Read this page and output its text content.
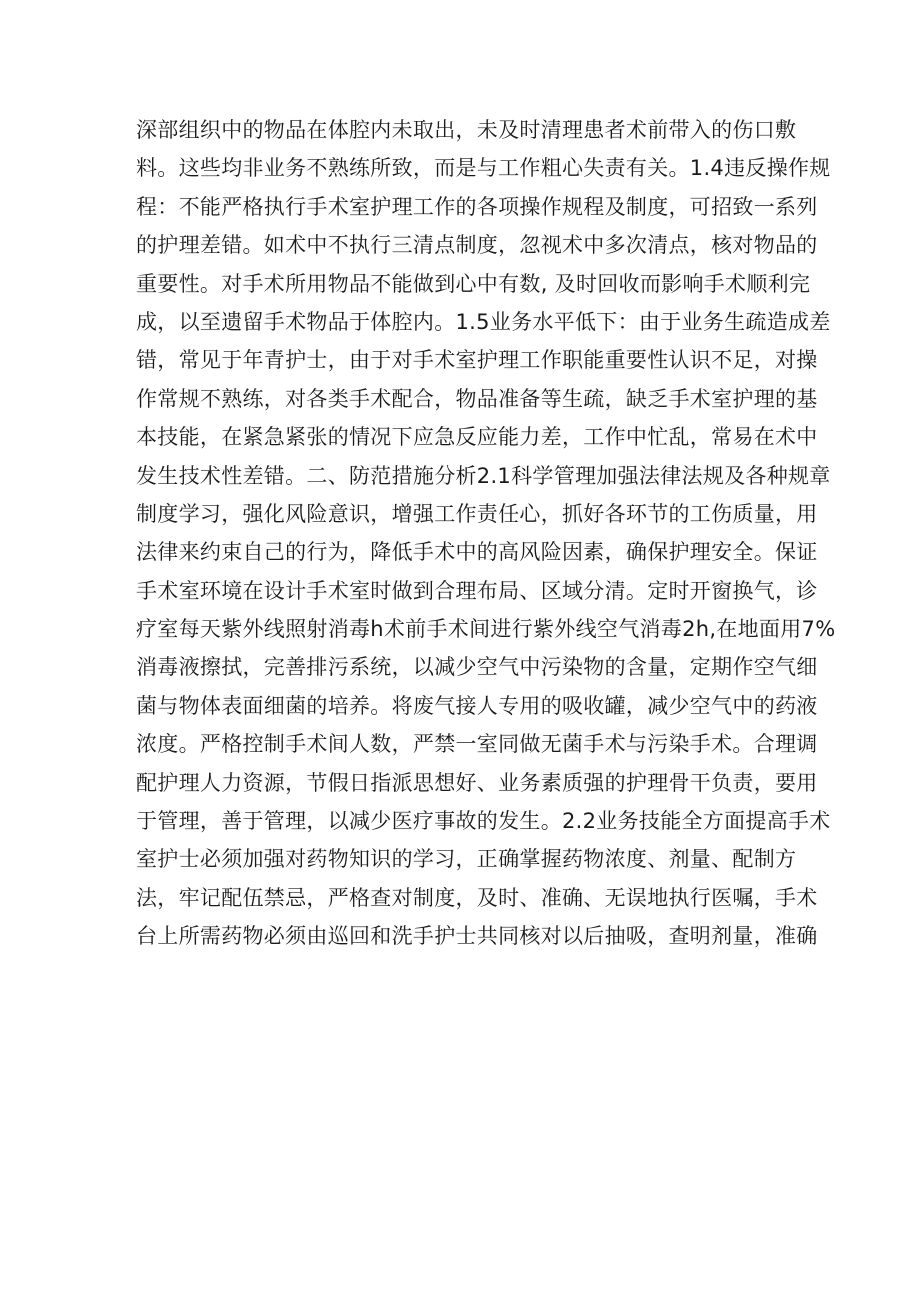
深部组织中的物品在体腔内未取出，未及时清理患者术前带入的伤口敷
料。这些均非业务不熟练所致，而是与工作粗心失责有关。1.4违反操作规
程：不能严格执行手术室护理工作的各项操作规程及制度，可招致一系列
的护理差错。如术中不执行三清点制度，忽视术中多次清点，核对物品的
重要性。对手术所用物品不能做到心中有数, 及时回收而影响手术顺利完
成，以至遗留手术物品于体腔内。1.5业务水平低下：由于业务生疏造成差
错，常见于年青护士，由于对手术室护理工作职能重要性认识不足，对操
作常规不熟练，对各类手术配合，物品准备等生疏，缺乏手术室护理的基
本技能，在紧急紧张的情况下应急反应能力差，工作中忙乱，常易在术中
发生技术性差错。二、防范措施分析2.1科学管理加强法律法规及各种规章
制度学习，强化风险意识，增强工作责任心，抓好各环节的工伤质量，用
法律来约束自己的行为，降低手术中的高风险因素，确保护理安全。保证
手术室环境在设计手术室时做到合理布局、区域分清。定时开窗换气，诊
疗室每天紫外线照射消毒h术前手术间进行紫外线空气消毒2h,在地面用7%
消毒液擦拭，完善排污系统，以减少空气中污染物的含量，定期作空气细
菌与物体表面细菌的培养。将废气接人专用的吸收罐，减少空气中的药液
浓度。严格控制手术间人数，严禁一室同做无菌手术与污染手术。合理调
配护理人力资源，节假日指派思想好、业务素质强的护理骨干负责，要用
于管理，善于管理，以减少医疗事故的发生。2.2业务技能全方面提高手术
室护士必须加强对药物知识的学习，正确掌握药物浓度、剂量、配制方
法，牢记配伍禁忌，严格查对制度，及时、准确、无误地执行医嘱，手术
台上所需药物必须由巡回和洗手护士共同核对以后抽吸，查明剂量，准确
